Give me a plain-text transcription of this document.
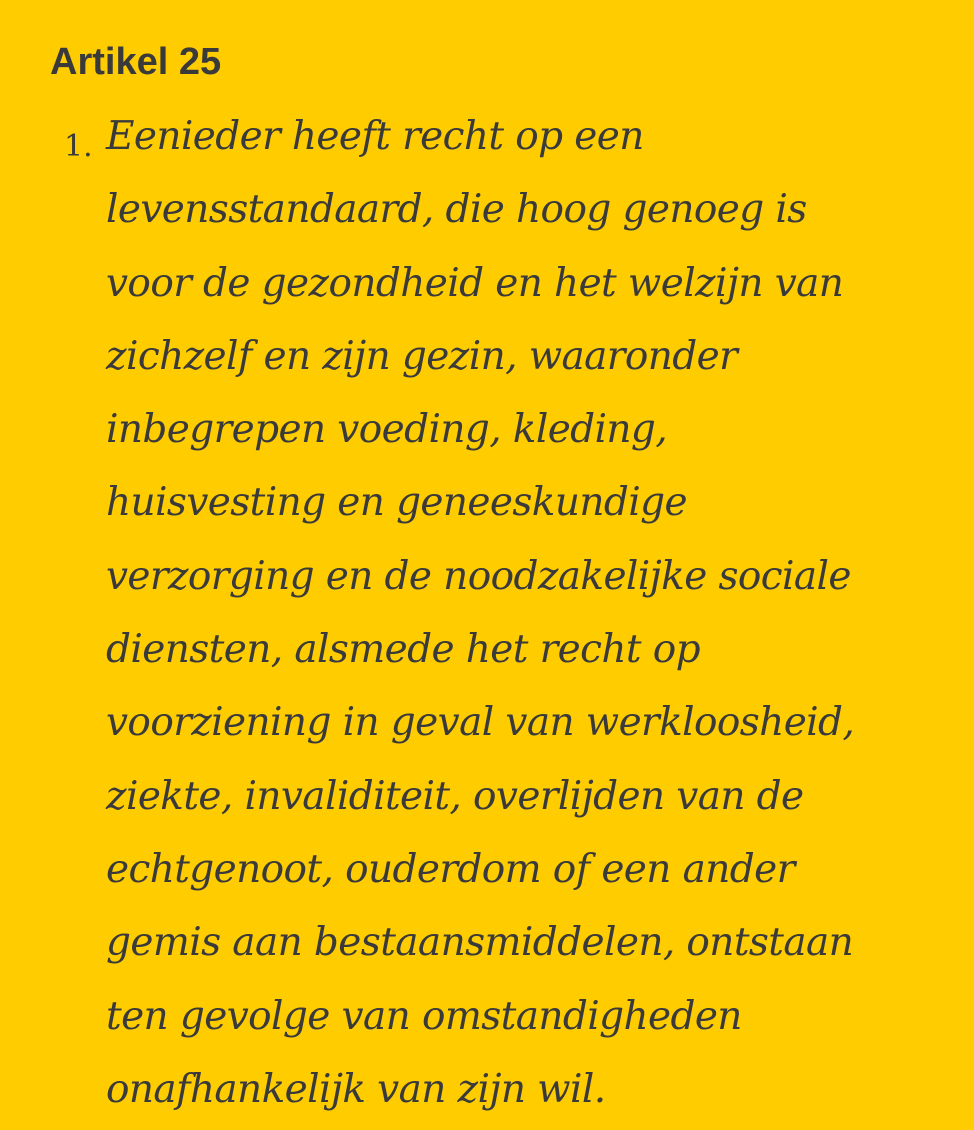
Artikel 25
1. Eenieder heeft recht op een
levensstandaard, die hoog genoeg is
voor de gezondheid en het welzijn van
zichzelf en zijn gezin, waaronder
inbegrepen voeding, kleding,
huisvesting en geneeskundige
verzorging en de noodzakelijke sociale
diensten, alsmede het recht op
voorziening in geval van werkloosheid,
ziekte, invaliditeit, overlijden van de
echtgenoot, ouderdom of een ander
gemis aan bestaansmiddelen, ontstaan
ten gevolge van omstandigheden
onafhankelijk van zijn wil.
